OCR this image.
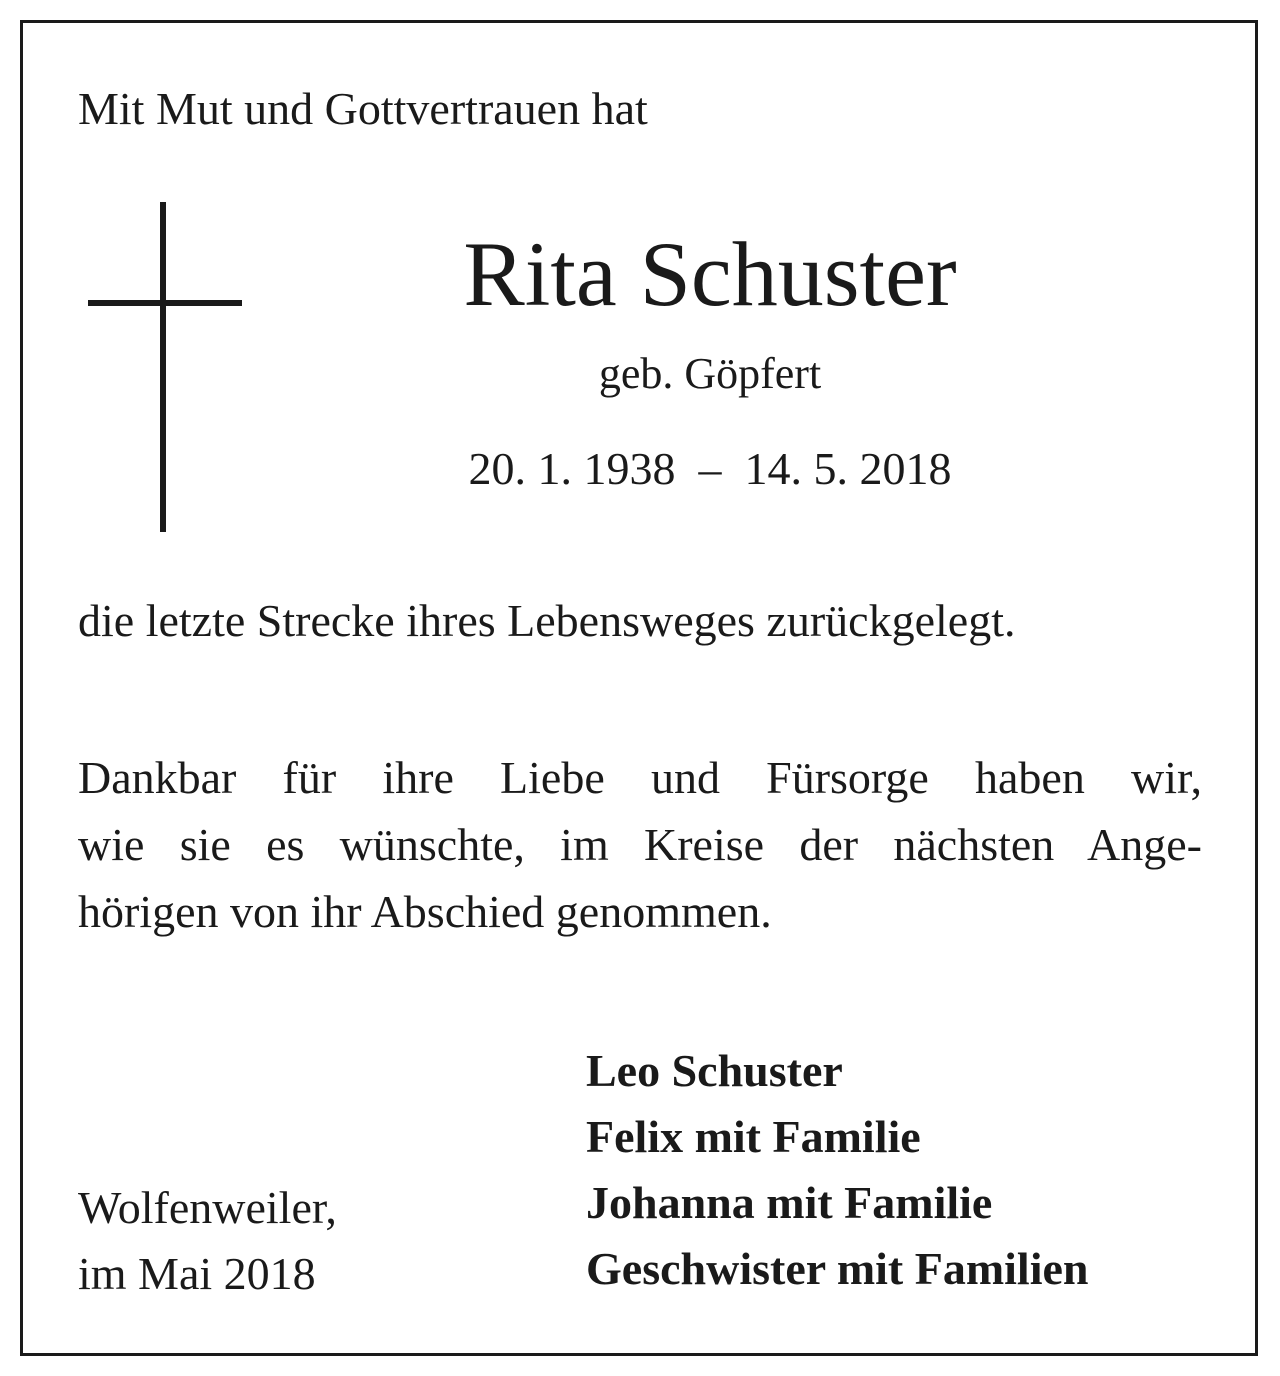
Mit Mut und Gottvertrauen hat
Rita Schuster
geb. Göpfert
20. 1. 1938  –  14. 5. 2018
die letzte Strecke ihres Lebensweges zurückgelegt.
Dankbar für ihre Liebe und Fürsorge haben wir,
wie sie es wünschte, im Kreise der nächsten Ange-
hörigen von ihr Abschied genommen.
Wolfenweiler,
im Mai 2018
Leo Schuster
Felix mit Familie
Johanna mit Familie
Geschwister mit Familien
